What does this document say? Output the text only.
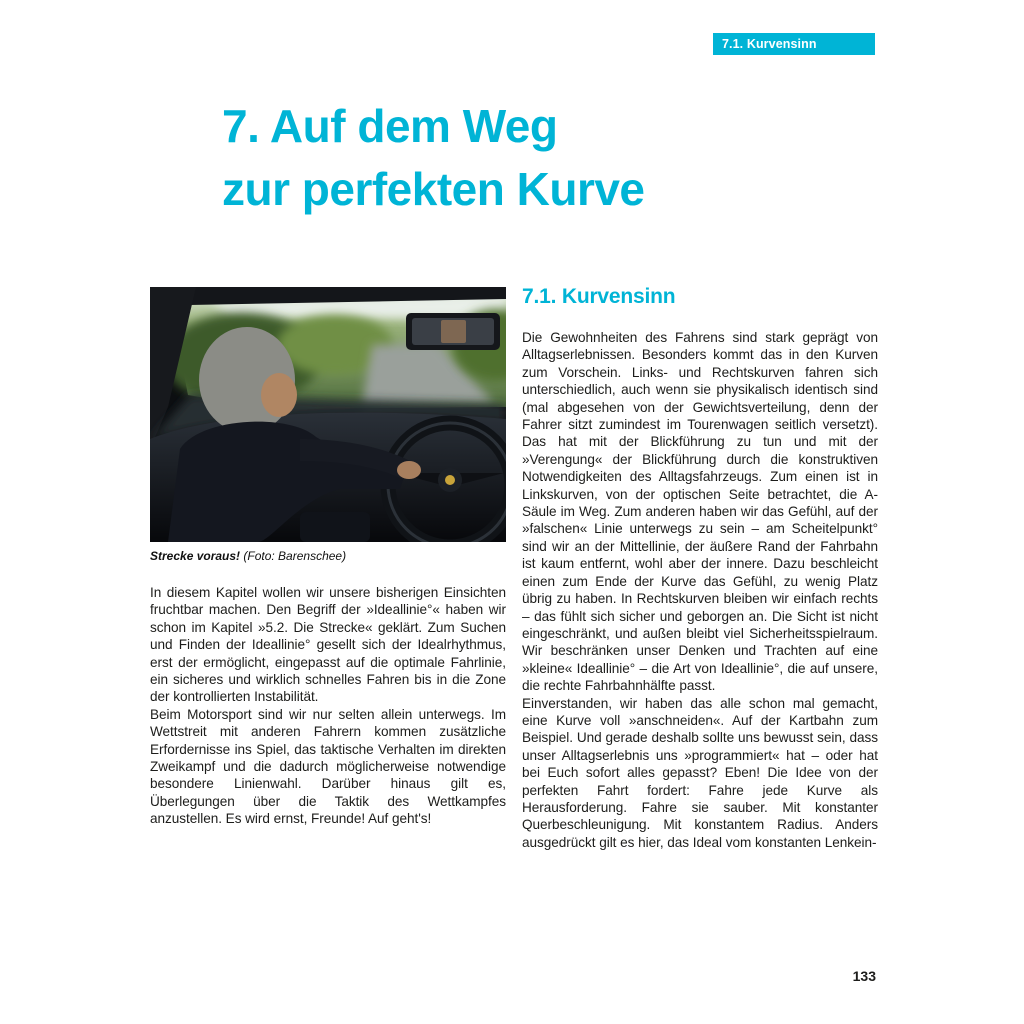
7.1. Kurvensinn
7. Auf dem Weg
zur perfekten Kurve
Strecke voraus! (Foto: Barenschee)

In diesem Kapitel wollen wir unsere bisherigen Einsichten fruchtbar machen. Den Begriff der »Ideallinie°« haben wir schon im Kapitel »5.2. Die Strecke« geklärt. Zum Suchen und Finden der Ideallinie° gesellt sich der Idealrhythmus, erst der ermöglicht, eingepasst auf die optimale Fahrlinie, ein sicheres und wirklich schnelles Fahren bis in die Zone der kontrollierten Instabilität.

Beim Motorsport sind wir nur selten allein unterwegs. Im Wettstreit mit anderen Fahrern kommen zusätzliche Erfordernisse ins Spiel, das taktische Verhalten im direkten Zweikampf und die dadurch möglicherweise notwendige besondere Linienwahl. Darüber hinaus gilt es, Überlegungen über die Taktik des Wettkampfes anzustellen. Es wird ernst, Freunde! Auf geht's!

7.1. Kurvensinn

Die Gewohnheiten des Fahrens sind stark geprägt von Alltagserlebnissen. Besonders kommt das in den Kurven zum Vorschein. Links- und Rechtskurven fahren sich unterschiedlich, auch wenn sie physikalisch identisch sind (mal abgesehen von der Gewichtsverteilung, denn der Fahrer sitzt zumindest im Tourenwagen seitlich versetzt). Das hat mit der Blickführung zu tun und mit der »Verengung« der Blickführung durch die konstruktiven Notwendigkeiten des Alltagsfahrzeugs. Zum einen ist in Linkskurven, von der optischen Seite betrachtet, die A-Säule im Weg. Zum anderen haben wir das Gefühl, auf der »falschen« Linie unterwegs zu sein – am Scheitelpunkt° sind wir an der Mittellinie, der äußere Rand der Fahrbahn ist kaum entfernt, wohl aber der innere. Dazu beschleicht einen zum Ende der Kurve das Gefühl, zu wenig Platz übrig zu haben. In Rechtskurven bleiben wir einfach rechts – das fühlt sich sicher und geborgen an. Die Sicht ist nicht eingeschränkt, und außen bleibt viel Sicherheitsspielraum. Wir beschränken unser Denken und Trachten auf eine »kleine« Ideallinie° – die Art von Ideallinie°, die auf unsere, die rechte Fahrbahnhälfte passt.

Einverstanden, wir haben das alle schon mal gemacht, eine Kurve voll »anschneiden«. Auf der Kartbahn zum Beispiel. Und gerade deshalb sollte uns bewusst sein, dass unser Alltagserlebnis uns »programmiert« hat – oder hat bei Euch sofort alles gepasst? Eben! Die Idee von der perfekten Fahrt fordert: Fahre jede Kurve als Herausforderung. Fahre sie sauber. Mit konstanter Querbeschleunigung. Mit konstantem Radius. Anders ausgedrückt gilt es hier, das Ideal vom konstanten Lenkein-

133
